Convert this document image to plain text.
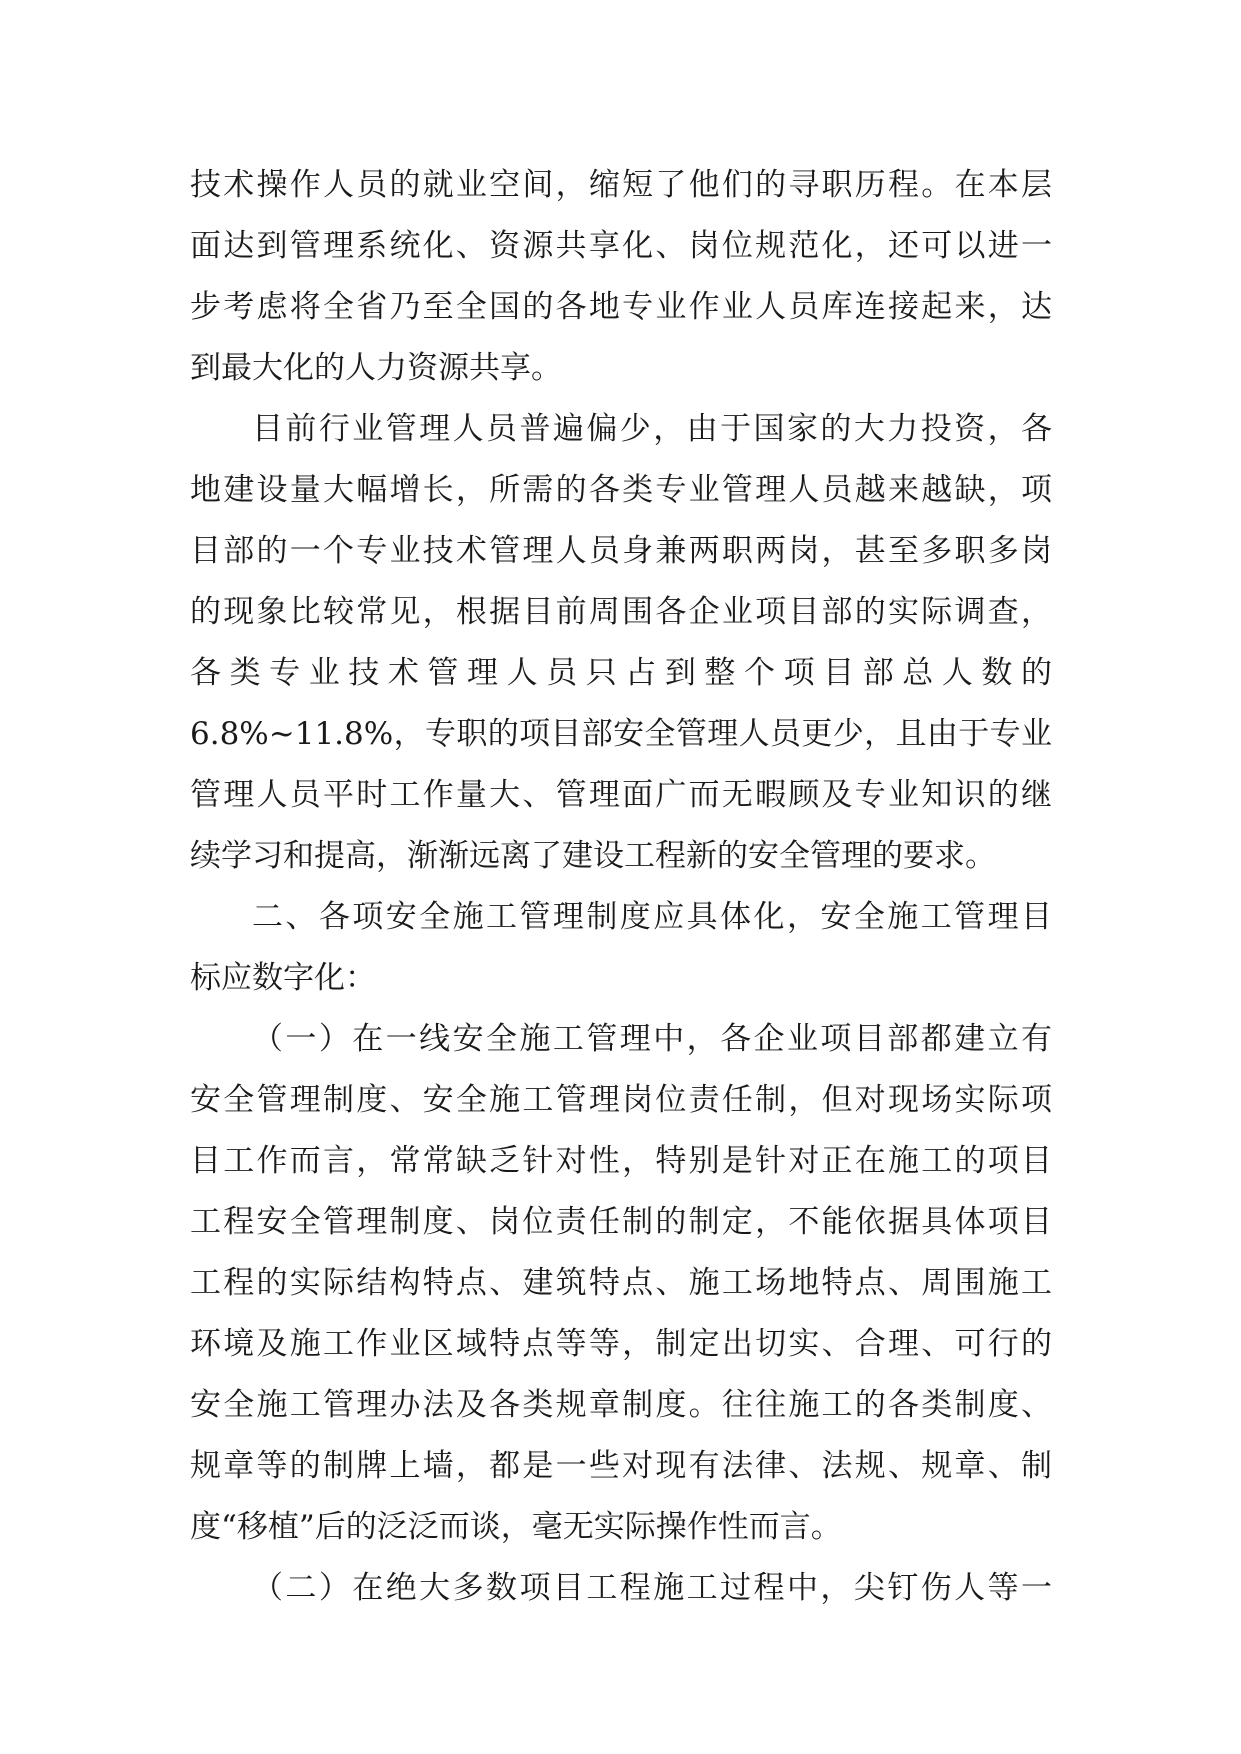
技术操作人员的就业空间，缩短了他们的寻职历程。在本层
面达到管理系统化、资源共享化、岗位规范化，还可以进一
步考虑将全省乃至全国的各地专业作业人员库连接起来，达
到最大化的人力资源共享。
目前行业管理人员普遍偏少，由于国家的大力投资，各
地建设量大幅增长，所需的各类专业管理人员越来越缺，项
目部的一个专业技术管理人员身兼两职两岗，甚至多职多岗
的现象比较常见，根据目前周围各企业项目部的实际调查，
各类专业技术管理人员只占到整个项目部总人数的
6.8%~11.8%，专职的项目部安全管理人员更少，且由于专业
管理人员平时工作量大、管理面广而无暇顾及专业知识的继
续学习和提高，渐渐远离了建设工程新的安全管理的要求。
二、各项安全施工管理制度应具体化，安全施工管理目
标应数字化：
（一）在一线安全施工管理中，各企业项目部都建立有
安全管理制度、安全施工管理岗位责任制，但对现场实际项
目工作而言，常常缺乏针对性，特别是针对正在施工的项目
工程安全管理制度、岗位责任制的制定，不能依据具体项目
工程的实际结构特点、建筑特点、施工场地特点、周围施工
环境及施工作业区域特点等等，制定出切实、合理、可行的
安全施工管理办法及各类规章制度。往往施工的各类制度、
规章等的制牌上墙，都是一些对现有法律、法规、规章、制
度“移植”后的泛泛而谈，毫无实际操作性而言。
（二）在绝大多数项目工程施工过程中，尖钉伤人等一
